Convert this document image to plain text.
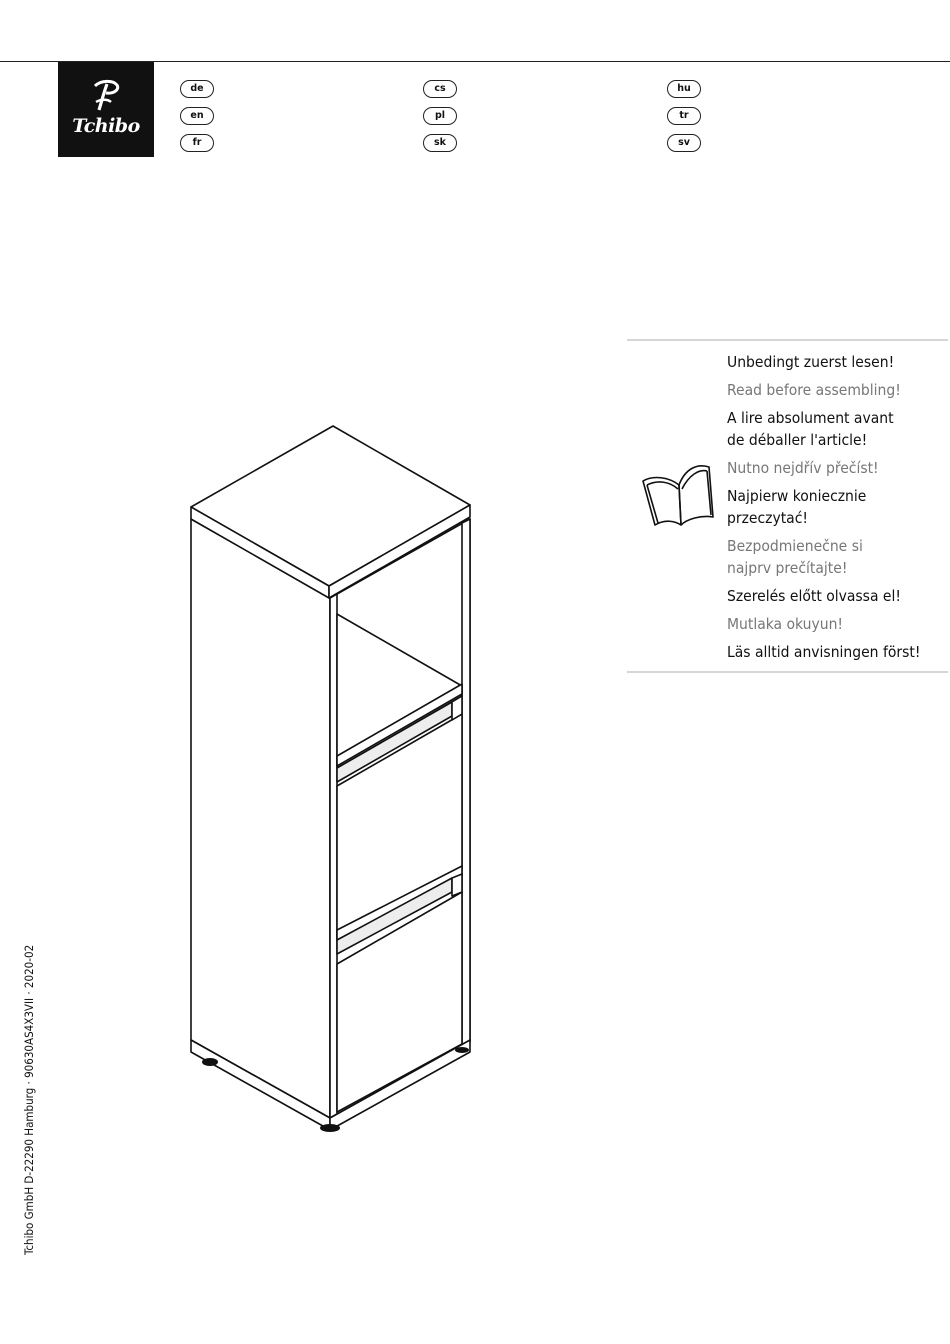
Tchibo
de
en
fr
cs
pl
sk
hu
tr
sv
Unbedingt zuerst lesen!
Read before assembling!
A lire absolument avant
de déballer l'article!
Nutno nejdřív přečíst!
Najpierw koniecznie
przeczytać!
Bezpodmienečne si
najprv prečítajte!
Szerelés előtt olvassa el!
Mutlaka okuyun!
Läs alltid anvisningen först!
Tchibo GmbH D-22290 Hamburg · 90630AS4X3VII · 2020-02
